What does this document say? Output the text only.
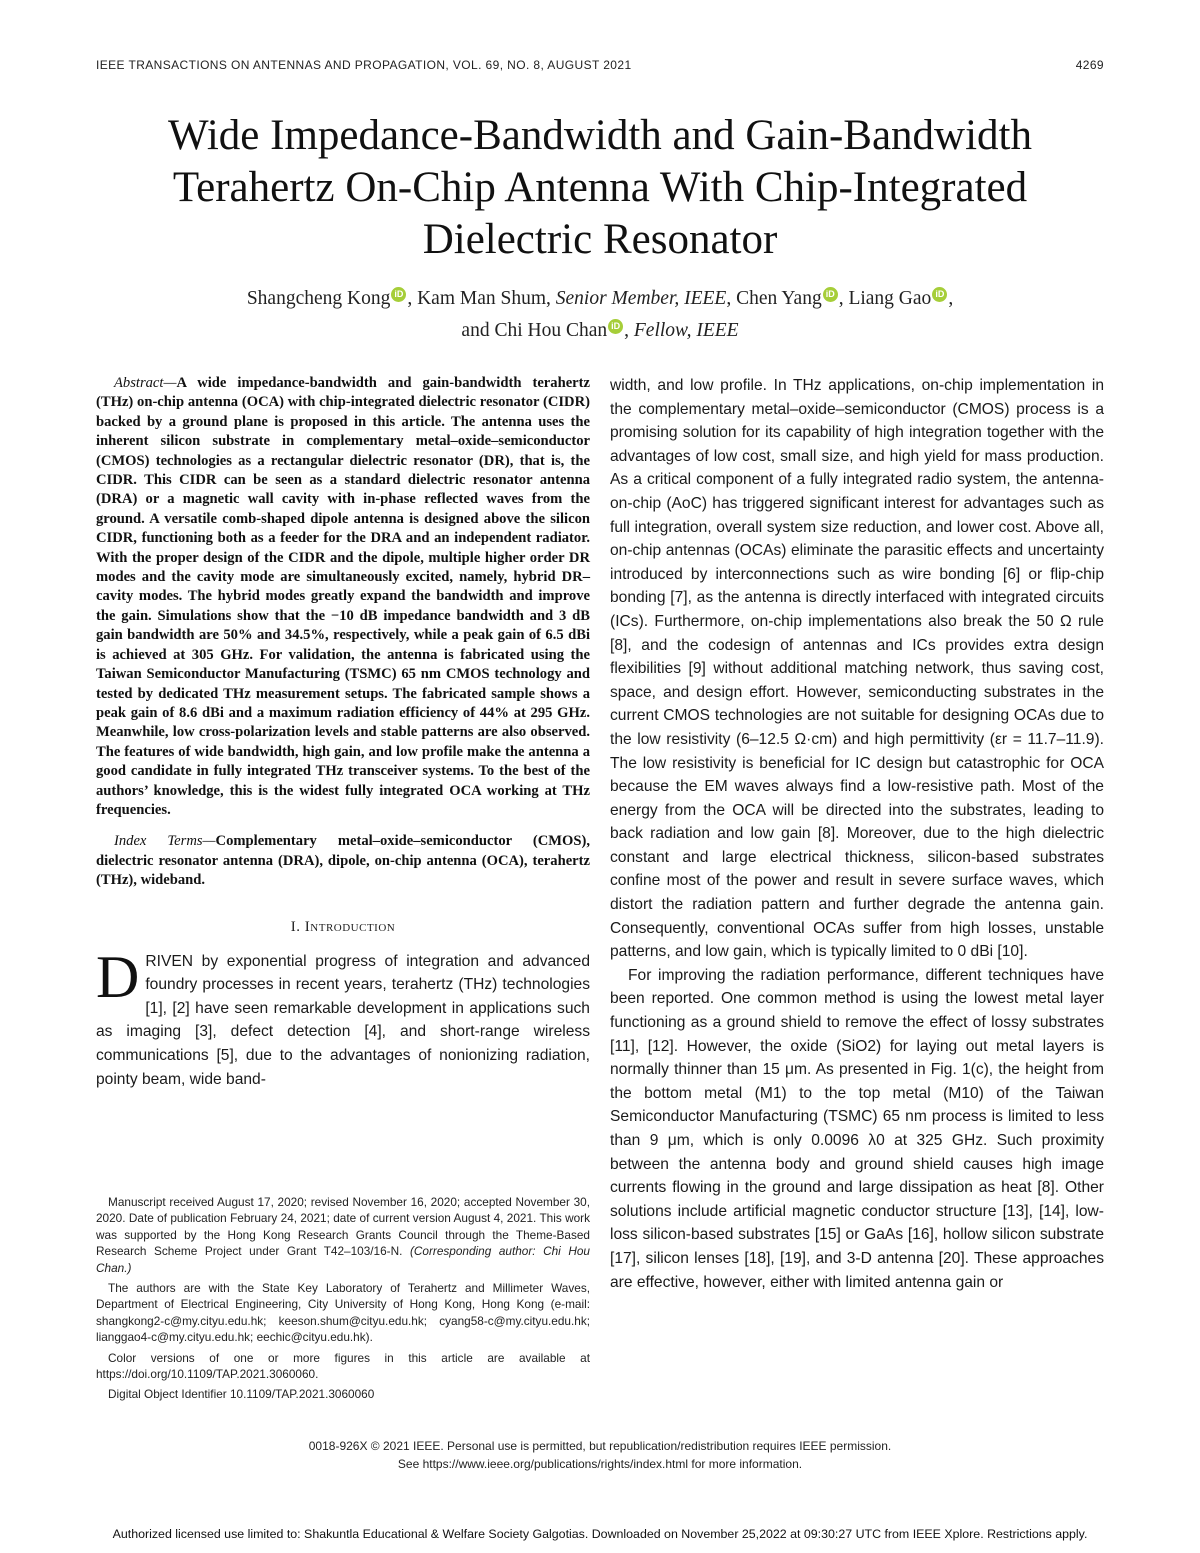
IEEE TRANSACTIONS ON ANTENNAS AND PROPAGATION, VOL. 69, NO. 8, AUGUST 2021	4269
Wide Impedance-Bandwidth and Gain-Bandwidth Terahertz On-Chip Antenna With Chip-Integrated Dielectric Resonator
Shangcheng Kong iD , Kam Man Shum, Senior Member, IEEE, Chen Yang iD , Liang Gao iD ,
and Chi Hou Chan iD , Fellow, IEEE

Abstract—A wide impedance-bandwidth and gain-bandwidth terahertz (THz) on-chip antenna (OCA) with chip-integrated dielectric resonator (CIDR) backed by a ground plane is proposed in this article. The antenna uses the inherent silicon substrate in complementary metal–oxide–semiconductor (CMOS) technologies as a rectangular dielectric resonator (DR), that is, the CIDR. This CIDR can be seen as a standard dielectric resonator antenna (DRA) or a magnetic wall cavity with in-phase reflected waves from the ground. A versatile comb-shaped dipole antenna is designed above the silicon CIDR, functioning both as a feeder for the DRA and an independent radiator. With the proper design of the CIDR and the dipole, multiple higher order DR modes and the cavity mode are simultaneously excited, namely, hybrid DR–cavity modes. The hybrid modes greatly expand the bandwidth and improve the gain. Simulations show that the −10 dB impedance bandwidth and 3 dB gain bandwidth are 50% and 34.5%, respectively, while a peak gain of 6.5 dBi is achieved at 305 GHz. For validation, the antenna is fabricated using the Taiwan Semiconductor Manufacturing (TSMC) 65 nm CMOS technology and tested by dedicated THz measurement setups. The fabricated sample shows a peak gain of 8.6 dBi and a maximum radiation efficiency of 44% at 295 GHz. Meanwhile, low cross-polarization levels and stable patterns are also observed. The features of wide bandwidth, high gain, and low profile make the antenna a good candidate in fully integrated THz transceiver systems. To the best of the authors’ knowledge, this is the widest fully integrated OCA working at THz frequencies.

Index Terms—Complementary metal–oxide–semiconductor (CMOS), dielectric resonator antenna (DRA), dipole, on-chip antenna (OCA), terahertz (THz), wideband.

I. Introduction

DRIVEN by exponential progress of integration and advanced foundry processes in recent years, terahertz (THz) technologies [1], [2] have seen remarkable development in applications such as imaging [3], defect detection [4], and short-range wireless communications [5], due to the advantages of nonionizing radiation, pointy beam, wide band-

width, and low profile. In THz applications, on-chip implementation in the complementary metal–oxide–semiconductor (CMOS) process is a promising solution for its capability of high integration together with the advantages of low cost, small size, and high yield for mass production. As a critical component of a fully integrated radio system, the antenna-on-chip (AoC) has triggered significant interest for advantages such as full integration, overall system size reduction, and lower cost. Above all, on-chip antennas (OCAs) eliminate the parasitic effects and uncertainty introduced by interconnections such as wire bonding [6] or flip-chip bonding [7], as the antenna is directly interfaced with integrated circuits (ICs). Furthermore, on-chip implementations also break the 50 Ω rule [8], and the codesign of antennas and ICs provides extra design flexibilities [9] without additional matching network, thus saving cost, space, and design effort. However, semiconducting substrates in the current CMOS technologies are not suitable for designing OCAs due to the low resistivity (6–12.5 Ω·cm) and high permittivity (εr = 11.7–11.9). The low resistivity is beneficial for IC design but catastrophic for OCA because the EM waves always find a low-resistive path. Most of the energy from the OCA will be directed into the substrates, leading to back radiation and low gain [8]. Moreover, due to the high dielectric constant and large electrical thickness, silicon-based substrates confine most of the power and result in severe surface waves, which distort the radiation pattern and further degrade the antenna gain. Consequently, conventional OCAs suffer from high losses, unstable patterns, and low gain, which is typically limited to 0 dBi [10].

For improving the radiation performance, different techniques have been reported. One common method is using the lowest metal layer functioning as a ground shield to remove the effect of lossy substrates [11], [12]. However, the oxide (SiO2) for laying out metal layers is normally thinner than 15 μm. As presented in Fig. 1(c), the height from the bottom metal (M1) to the top metal (M10) of the Taiwan Semiconductor Manufacturing (TSMC) 65 nm process is limited to less than 9 μm, which is only 0.0096 λ0 at 325 GHz. Such proximity between the antenna body and ground shield causes high image currents flowing in the ground and large dissipation as heat [8]. Other solutions include artificial magnetic conductor structure [13], [14], low-loss silicon-based substrates [15] or GaAs [16], hollow silicon substrate [17], silicon lenses [18], [19], and 3-D antenna [20]. These approaches are effective, however, either with limited antenna gain or

Manuscript received August 17, 2020; revised November 16, 2020; accepted November 30, 2020. Date of publication February 24, 2021; date of current version August 4, 2021. This work was supported by the Hong Kong Research Grants Council through the Theme-Based Research Scheme Project under Grant T42–103/16-N. (Corresponding author: Chi Hou Chan.)

The authors are with the State Key Laboratory of Terahertz and Millimeter Waves, Department of Electrical Engineering, City University of Hong Kong, Hong Kong (e-mail: shangkong2-c@my.cityu.edu.hk; keeson.shum@cityu.edu.hk; cyang58-c@my.cityu.edu.hk; lianggao4-c@my.cityu.edu.hk; eechic@cityu.edu.hk).

Color versions of one or more figures in this article are available at https://doi.org/10.1109/TAP.2021.3060060.

Digital Object Identifier 10.1109/TAP.2021.3060060

0018-926X © 2021 IEEE. Personal use is permitted, but republication/redistribution requires IEEE permission.
See https://www.ieee.org/publications/rights/index.html for more information.
Authorized licensed use limited to: Shakuntla Educational & Welfare Society Galgotias. Downloaded on November 25,2022 at 09:30:27 UTC from IEEE Xplore. Restrictions apply.
